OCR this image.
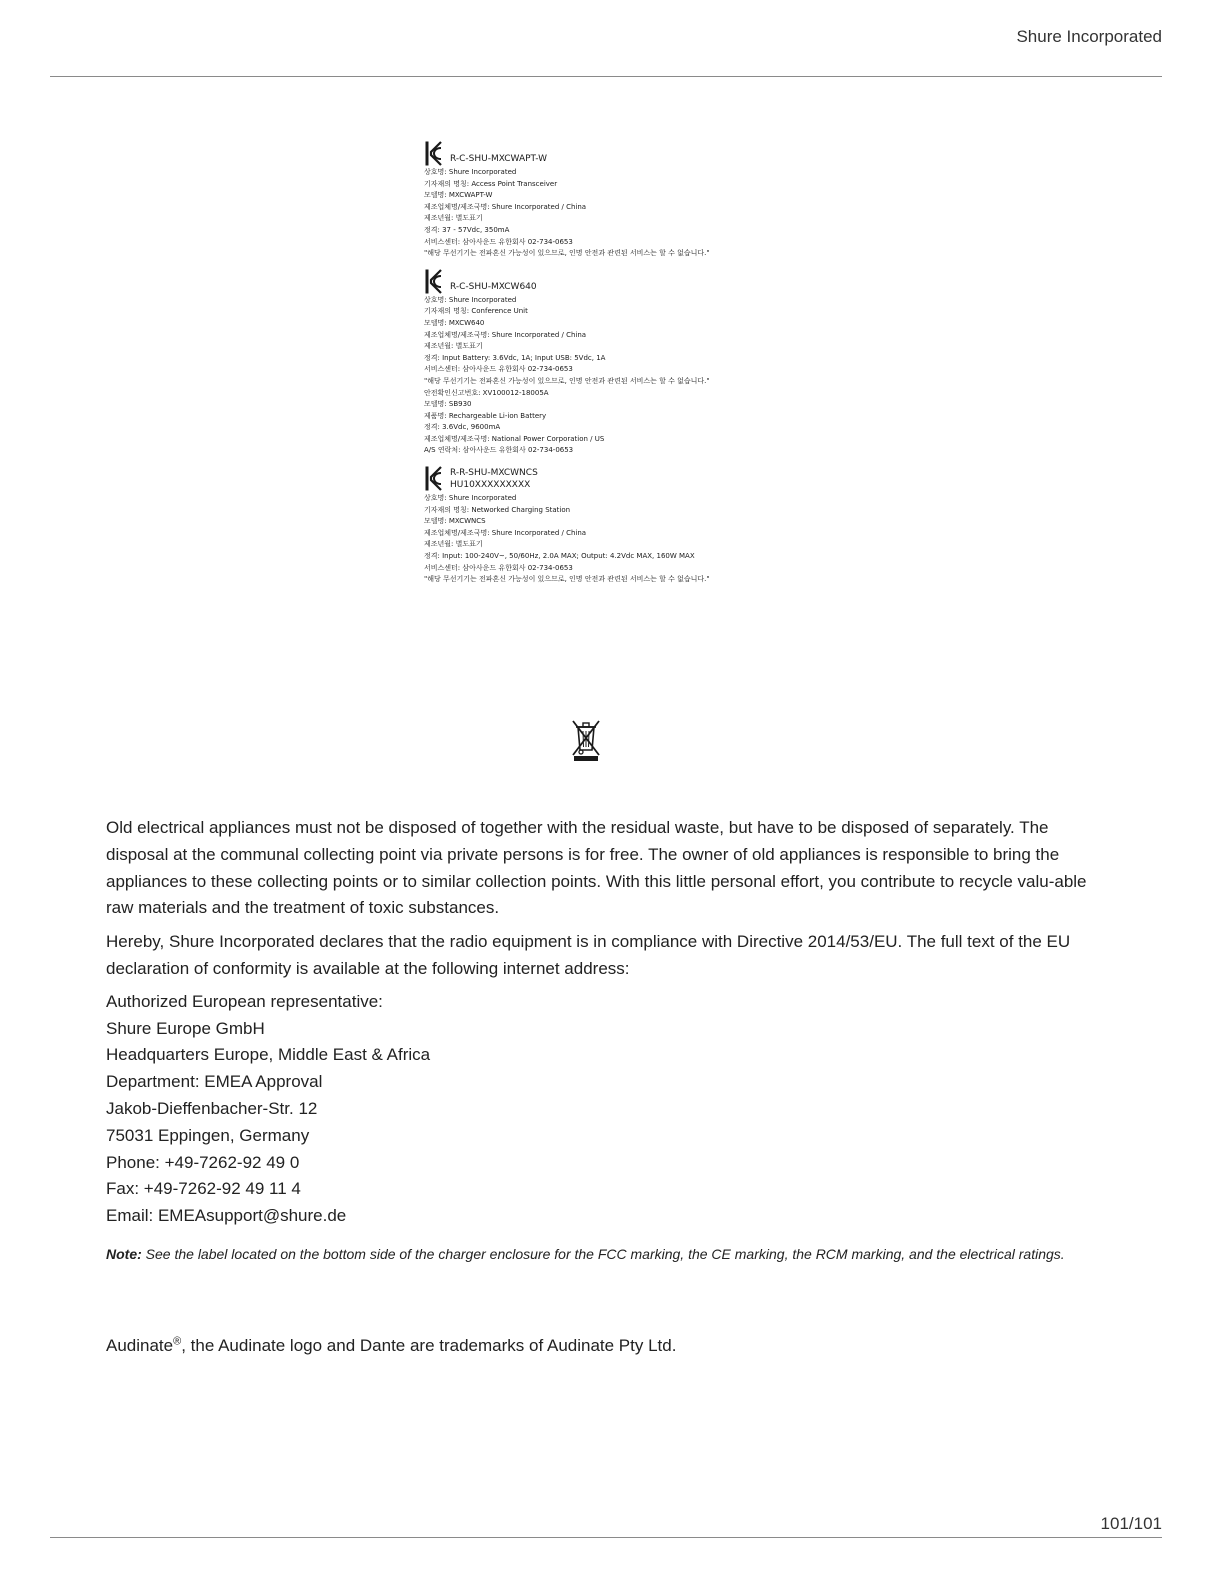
Shure Incorporated
R-C-SHU-MXCWAPT-W
상호명: Shure Incorporated
기자재의 명칭: Access Point Transceiver
모델명: MXCWAPT-W
제조업체명/제조국명: Shure Incorporated / China
제조년월: 별도표기
정격: 37 - 57Vdc, 350mA
서비스센터: 삼아사운드 유한회사 02-734-0653
"해당 무선기기는 전파혼신 가능성이 있으므로, 인명 안전과 관련된 서비스는 할 수 없습니다."
R-C-SHU-MXCW640
상호명: Shure Incorporated
기자재의 명칭: Conference Unit
모델명: MXCW640
제조업체명/제조국명: Shure Incorporated / China
제조년월: 별도표기
정격: Input Battery: 3.6Vdc, 1A; Input USB: 5Vdc, 1A
서비스센터: 삼아사운드 유한회사 02-734-0653
"해당 무선기기는 전파혼신 가능성이 있으므로, 인명 안전과 관련된 서비스는 할 수 없습니다."
안전확인신고번호: XV100012-18005A
모델명: SB930
제품명: Rechargeable Li-ion Battery
정격: 3.6Vdc, 9600mA
제조업체명/제조국명: National Power Corporation / US
A/S 연락처: 삼아사운드 유한회사 02-734-0653
R-R-SHU-MXCWNCS
HU10XXXXXXXXX
상호명: Shure Incorporated
기자재의 명칭: Networked Charging Station
모델명: MXCWNCS
제조업체명/제조국명: Shure Incorporated / China
제조년월: 별도표기
정격: Input: 100-240V~, 50/60Hz, 2.0A MAX; Output: 4.2Vdc MAX, 160W MAX
서비스센터: 삼아사운드 유한회사 02-734-0653
"해당 무선기기는 전파혼신 가능성이 있으므로, 인명 안전과 관련된 서비스는 할 수 없습니다."

Old electrical appliances must not be disposed of together with the residual waste, but have to be disposed of separately. The disposal at the communal collecting point via private persons is for free. The owner of old appliances is responsible to bring the appliances to these collecting points or to similar collection points. With this little personal effort, you contribute to recycle valu-able raw materials and the treatment of toxic substances.

Hereby, Shure Incorporated declares that the radio equipment is in compliance with Directive 2014/53/EU. The full text of the EU declaration of conformity is available at the following internet address:

Authorized European representative:
Shure Europe GmbH
Headquarters Europe, Middle East & Africa
Department: EMEA Approval
Jakob-Dieffenbacher-Str. 12
75031 Eppingen, Germany
Phone: +49-7262-92 49 0
Fax: +49-7262-92 49 11 4
Email: EMEAsupport@shure.de

Note: See the label located on the bottom side of the charger enclosure for the FCC marking, the CE marking, the RCM marking, and the electrical ratings.

Audinate®, the Audinate logo and Dante are trademarks of Audinate Pty Ltd.

101/101
